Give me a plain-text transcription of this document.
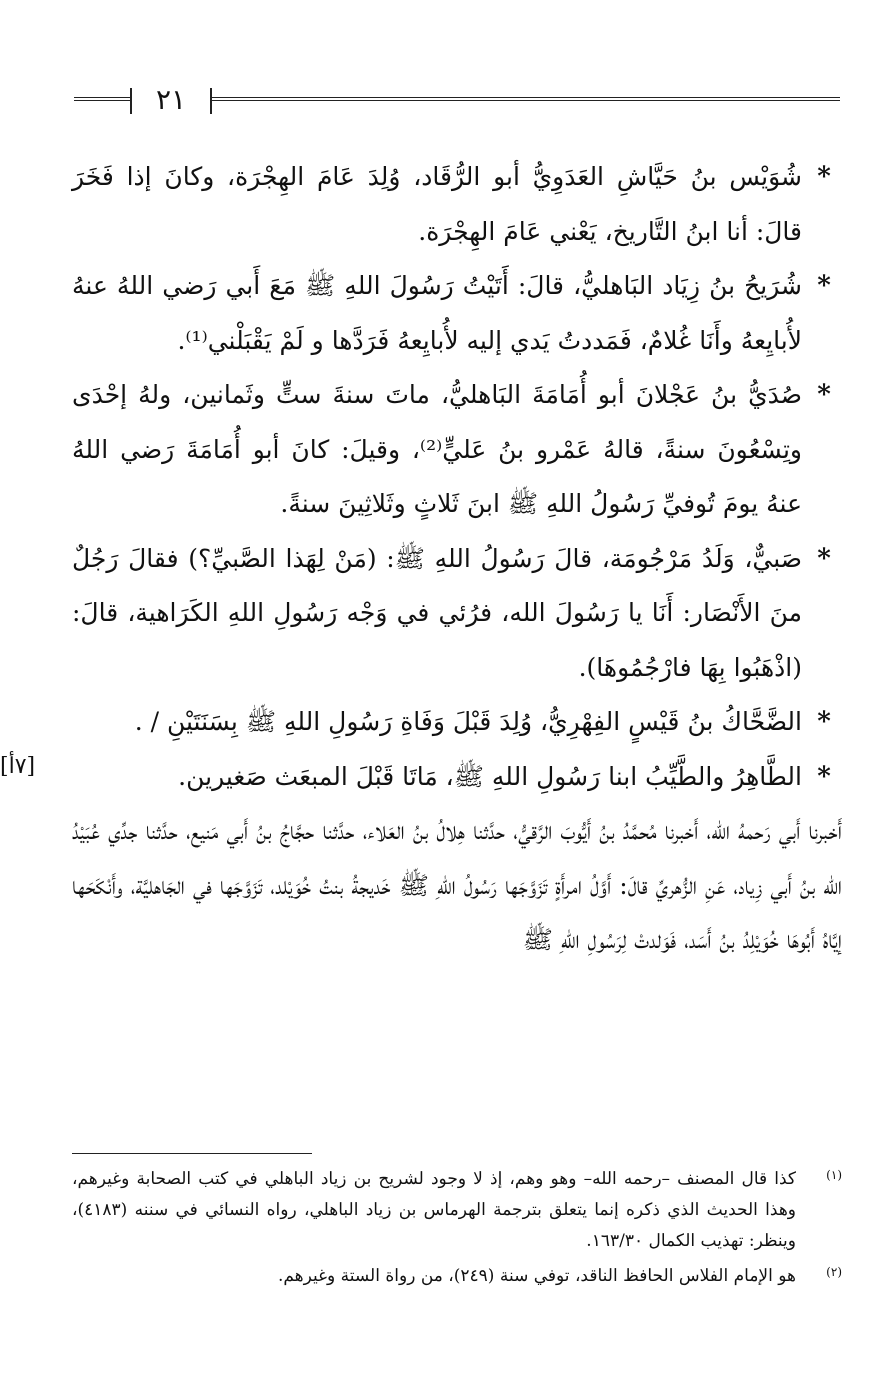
٢١
[٧أ]
*

شُوَيْس بنُ حَيَّاشِ العَدَوِيُّ أبو الرُّقَاد، وُلِدَ عَامَ الهِجْرَة، وكانَ إذا فَخَرَ قالَ: أنا ابنُ التَّاريخ، يَعْني عَامَ الهِجْرَة.

*

شُرَيحُ بنُ زِيَاد البَاهليُّ، قالَ: أَتَيْتُ رَسُولَ اللهِ ﷺ مَعَ أَبي رَضي اللهُ عنهُ لأُبايِعهُ وأَنَا غُلامٌ، فَمَددتُ يَدي إليه لأُبايِعهُ فَرَدَّها و لَمْ يَقْبَلْني⁽¹⁾.

*

صُدَيُّ بنُ عَجْلانَ أبو أُمَامَةَ البَاهليُّ، ماتَ سنةَ ستٍّ وثَمانين، ولهُ إحْدَى وتِسْعُونَ سنةً، قالهُ عَمْرو بنُ عَليٍّ⁽²⁾، وقيلَ: كانَ أبو أُمَامَةَ رَضي اللهُ عنهُ يومَ تُوفيِّ رَسُولُ اللهِ ﷺ ابنَ ثَلاثٍ وثَلاثِينَ سنةً.

*

صَبيٌّ، وَلَدُ مَرْجُومَة، قالَ رَسُولُ اللهِ ﷺ: (مَنْ لِهَذا الصَّبيِّ؟) فقالَ رَجُلٌ منَ الأَنْصَار: أَنَا يا رَسُولَ الله، فرُئي في وَجْه رَسُولِ اللهِ الكَرَاهية، قالَ: (اذْهَبُوا بِهَا فارْجُمُوهَا).

*

الضَّحَّاكُ بنُ قَيْسٍ الفِهْرِيُّ، وُلِدَ قَبْلَ وَفَاةِ رَسُولِ اللهِ ﷺ بِسَنَتَيْنِ / .

*

الطَّاهِرُ والطَّيِّبُ ابنا رَسُولِ اللهِ ﷺ، مَاتَا قَبْلَ المبعَث صَغيرين.

أَخبرنا أَبي رَحمهُ الله، أَخبرنا مُحمَّدُ بنُ أَيُّوبَ الرَّقيُّ، حدَّثنا هِلالُ بنُ العَلاء، حدَّثنا حجَّاجُ بنُ أَبي مَنيع، حدَّثنا جدِّي عُبَيْدُ الله بنُ أَبي زِياد، عَنِ الزُّهريِّ قالَ: أَوَّلُ امرأَةٍ تَزَوَّجَها رَسُولُ اللهِ ﷺ خَديجةُ بنتُ خُوَيْلد، تَزَوَّجَها في الجَاهليَّة، وأَنْكَحَها إيَّاهُ أَبُوهَا خُوَيْلِدُ بنُ أَسَد، فَوَلدتْ لِرَسُولِ اللهِ ﷺ

(١)
كذا قال المصنف –رحمه الله– وهو وهم، إذ لا وجود لشريح بن زياد الباهلي في كتب الصحابة وغيرهم، وهذا الحديث الذي ذكره إنما يتعلق بترجمة الهرماس بن زياد الباهلي، رواه النسائي في سننه (٤١٨٣)، وينظر: تهذيب الكمال ١٦٣/٣٠.
(٢)
هو الإمام الفلاس الحافظ الناقد، توفي سنة (٢٤٩)، من رواة الستة وغيرهم.
